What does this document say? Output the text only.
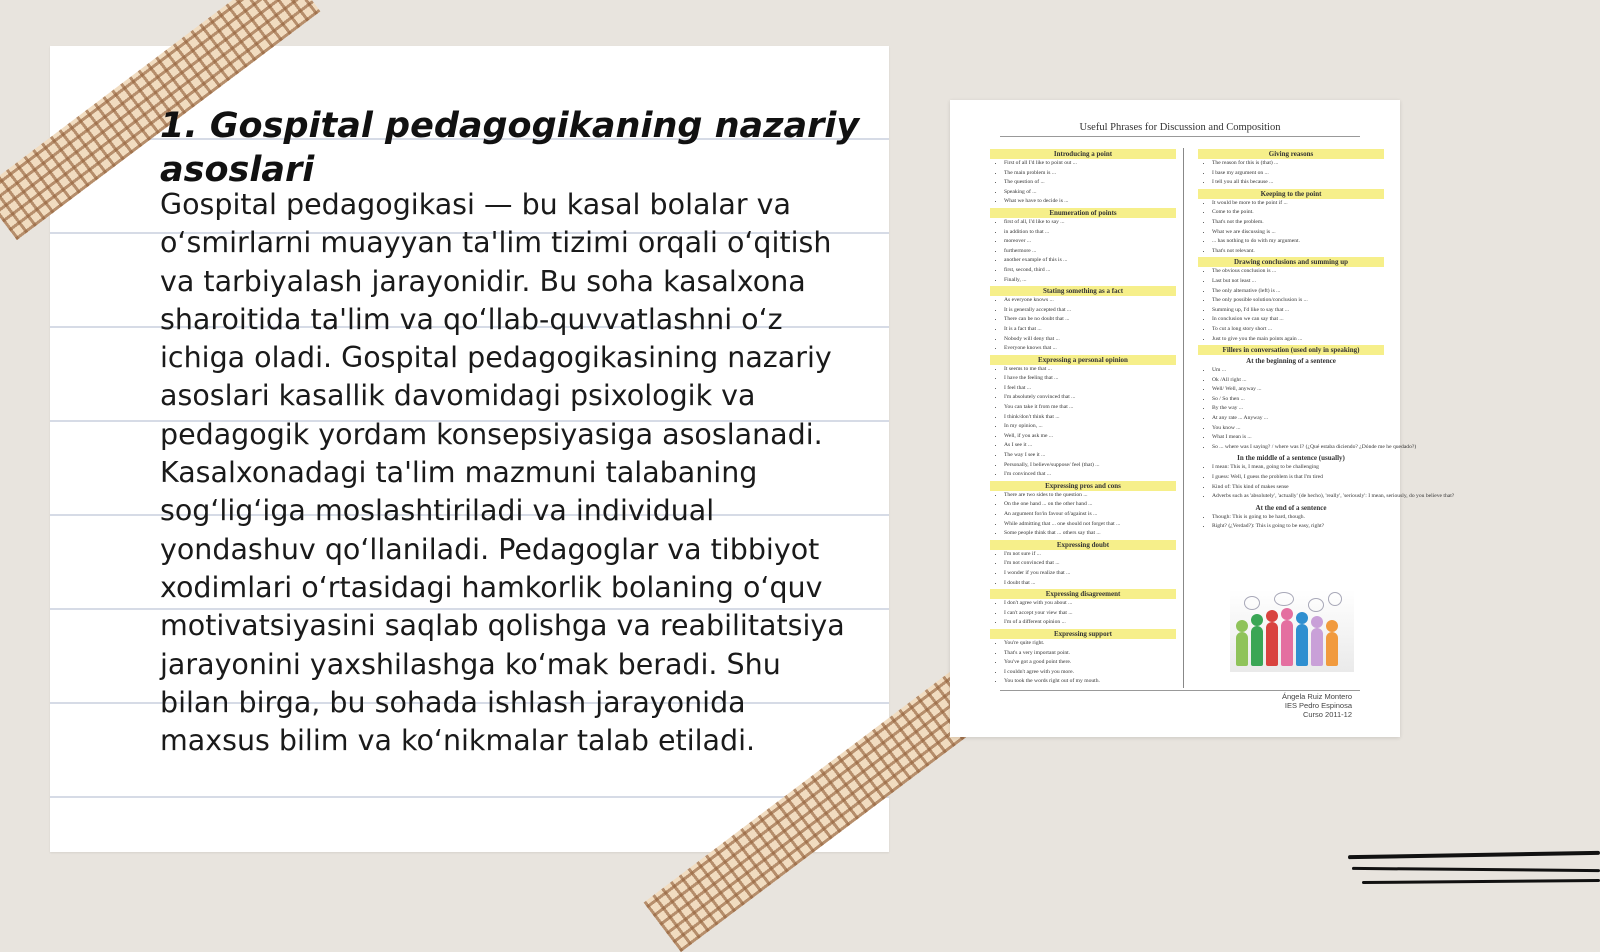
1. Gospital pedagogikaning nazariy asoslari

Gospital pedagogikasi — bu kasal bolalar va o‘smirlarni muayyan ta'lim tizimi orqali o‘qitish va tarbiyalash jarayonidir. Bu soha kasalxona sharoitida ta'lim va qo‘llab-quvvatlashni o‘z ichiga oladi. Gospital pedagogikasining nazariy asoslari kasallik davomidagi psixologik va pedagogik yordam konsepsiyasiga asoslanadi. Kasalxonadagi ta'lim mazmuni talabaning sog‘lig‘iga moslashtiriladi va individual yondashuv qo‘llaniladi. Pedagoglar va tibbiyot xodimlari o‘rtasidagi hamkorlik bolaning o‘quv motivatsiyasini saqlab qolishga va reabilitatsiya jarayonini yaxshilashga ko‘mak beradi. Shu bilan birga, bu sohada ishlash jarayonida maxsus bilim va ko‘nikmalar talab etiladi.

Useful Phrases for Discussion and Composition
Introducing a point
• First of all I'd like to point out ...
• The main problem is ...
• The question of ...
• Speaking of ...
• What we have to decide is ...
Enumeration of points
• first of all, I'd like to say ...
• in addition to that ...
• moreover ...
• furthermore ...
• another example of this is ...
• first, second, third ...
• Finally, ...
Stating something as a fact
• As everyone knows ...
• It is generally accepted that ...
• There can be no doubt that ...
• It is a fact that ...
• Nobody will deny that ...
• Everyone knows that ...
Expressing a personal opinion
• It seems to me that ...
• I have the feeling that ...
• I feel that ...
• I'm absolutely convinced that ...
• You can take it from me that ...
• I think/don't think that ...
• In my opinion, ...
• Well, if you ask me ...
• As I see it ...
• The way I see it ...
• Personally, I believe/suppose/ feel (that) ...
• I'm convinced that ...
Expressing pros and cons
• There are two sides to the question ...
• On the one hand ... on the other hand ...
• An argument for/in favour of/against is ...
• While admitting that ... one should not forget that ...
• Some people think that ... others say that ...
Expressing doubt
• I'm not sure if ...
• I'm not convinced that ...
• I wonder if you realize that ...
• I doubt that ...
Expressing disagreement
• I don't agree with you about ...
• I can't accept your view that ...
• I'm of a different opinion ...
Expressing support
• You're quite right.
• That's a very important point.
• You've got a good point there.
• I couldn't agree with you more.
• You took the words right out of my mouth.
Giving reasons
• The reason for this is (that) ...
• I base my argument on ...
• I tell you all this because ...
Keeping to the point
• It would be more to the point if ...
• Come to the point.
• That's not the problem.
• What we are discussing is ...
• ... has nothing to do with my argument.
• That's not relevant.
Drawing conclusions and summing up
• The obvious conclusion is ...
• Last but not least ...
• The only alternative (left) is ...
• The only possible solution/conclusion is ...
• Summing up, I'd like to say that ...
• In conclusion we can say that ...
• To cut a long story short ...
• Just to give you the main points again ...
Fillers in conversation (used only in speaking)
At the beginning of a sentence
• Um ...
• Ok /All right ...
• Well/ Well, anyway ...
• So / So then ...
• By the way ...
• At any rate ... Anyway ...
• You know ...
• What I mean is ...
• So ... where was I saying? / where was I? (¿Qué estaba diciendo? ¿Dónde me he quedado?)
In the middle of a sentence (usually)
• I mean: This is, I mean, going to be challenging
• I guess: Well, I guess the problem is that I'm tired
• Kind of: This kind of makes sense
• Adverbs such as 'absolutely', 'actually' (de hecho), 'really', 'seriously': I mean, seriously, do you believe that?
At the end of a sentence
• Though: This is going to be hard, though.
• Right? (¿Verdad?): This is going to be easy, right?
Ángela Ruiz Montero
IES Pedro Espinosa
Curso 2011-12
